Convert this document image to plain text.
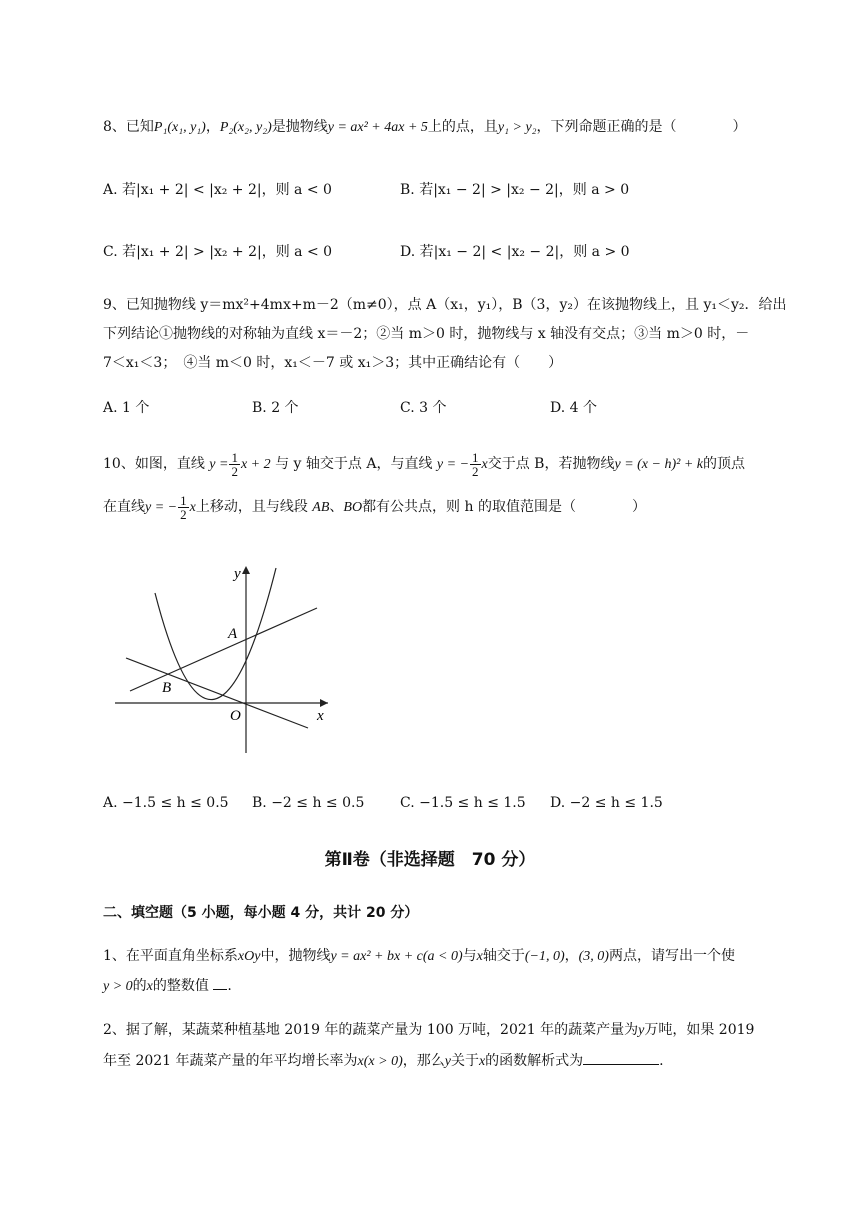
8、已知P₁(x₁, y₁)，P₂(x₂, y₂)是抛物线y = ax² + 4ax + 5上的点，且y₁ > y₂，下列命题正确的是（　　　　）
A. 若|x₁ + 2| < |x₂ + 2|，则 a < 0	B. 若|x₁ − 2| > |x₂ − 2|，则 a > 0
C. 若|x₁ + 2| > |x₂ + 2|，则 a < 0	D. 若|x₁ − 2| < |x₂ − 2|，则 a > 0
9、已知抛物线 y＝mx²+4mx+m－2（m≠0），点 A（x₁，y₁），B（3，y₂）在该抛物线上，且 y₁＜y₂．给出
下列结论①抛物线的对称轴为直线 x＝－2；②当 m＞0 时，抛物线与 x 轴没有交点；③当 m＞0 时，－
7＜x₁＜3；　④当 m＜0 时，x₁＜－7 或 x₁＞3；其中正确结论有（　　）
A. 1 个	B. 2 个	C. 3 个	D. 4 个
10、如图，直线 $y = \frac{1}{2}$ x + 2 与 y 轴交于点 A，与直线 y = − $\frac{1}{2}$ x交于点 B，若抛物线y = (x − h)² + k的顶点
在直线y = − $\frac{1}{2}$ x上移动，且与线段 AB、BO都有公共点，则 h 的取值范围是（　　　　）
y
x
A
B
O
A. −1.5 ≤ h ≤ 0.5 B. −2 ≤ h ≤ 0.5	C. −1.5 ≤ h ≤ 1.5 D. −2 ≤ h ≤ 1.5
第Ⅱ卷（非选择题　70 分）
二、填空题（5 小题，每小题 4 分，共计 20 分）
1、在平面直角坐标系xOy中，抛物线y = ax² + bx + c(a < 0)与x轴交于(−1, 0)，(3, 0)两点，请写出一个使
y > 0的x的整数值 .
2、据了解，某蔬菜种植基地 2019 年的蔬菜产量为 100 万吨，2021 年的蔬菜产量为y万吨，如果 2019
年至 2021 年蔬菜产量的年平均增长率为x(x > 0)，那么y关于x的函数解析式为	.
